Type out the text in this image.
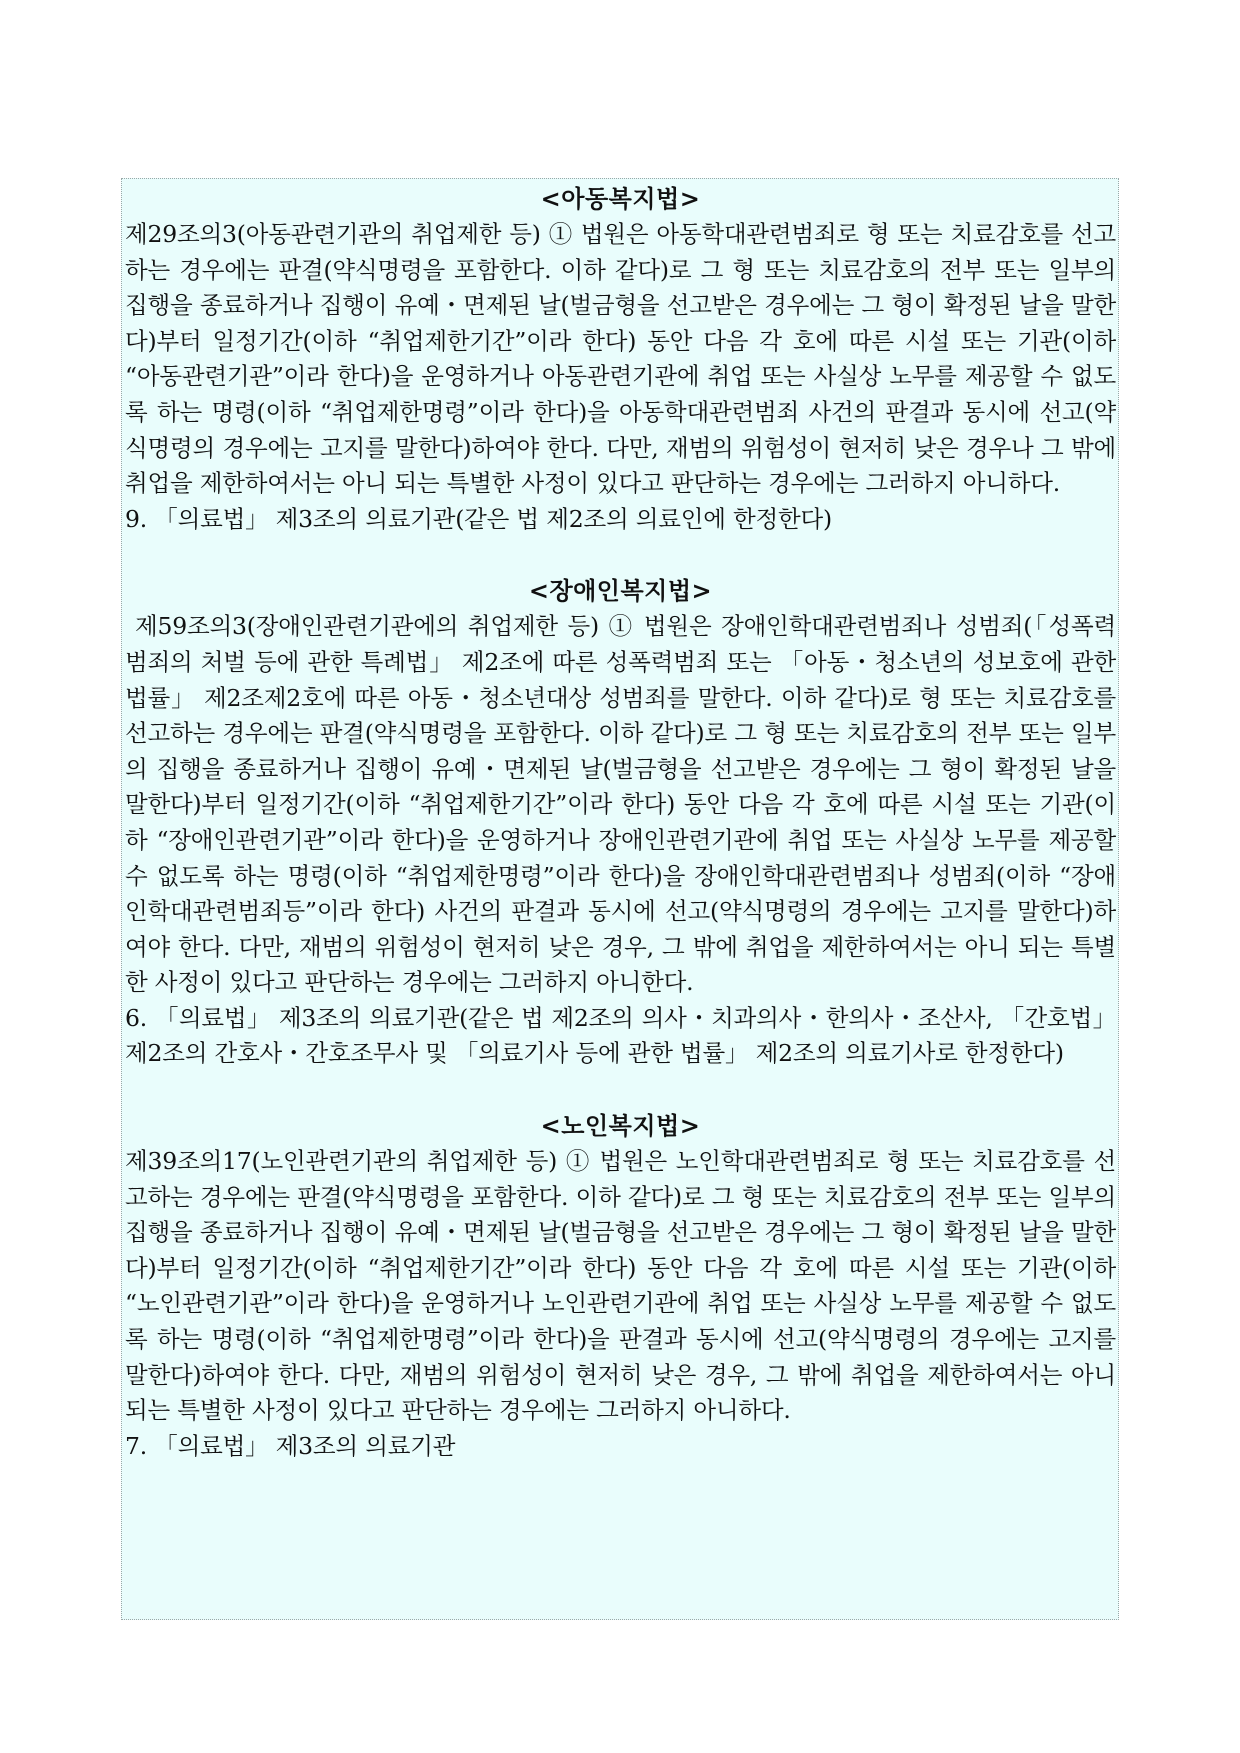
<아동복지법>

제29조의3(아동관련기관의 취업제한 등) ① 법원은 아동학대관련범죄로 형 또는 치료감호를 선고하는 경우에는 판결(약식명령을 포함한다. 이하 같다)로 그 형 또는 치료감호의 전부 또는 일부의 집행을 종료하거나 집행이 유예・면제된 날(벌금형을 선고받은 경우에는 그 형이 확정된 날을 말한다)부터 일정기간(이하 “취업제한기간”이라 한다) 동안 다음 각 호에 따른 시설 또는 기관(이하 “아동관련기관”이라 한다)을 운영하거나 아동관련기관에 취업 또는 사실상 노무를 제공할 수 없도록 하는 명령(이하 “취업제한명령”이라 한다)을 아동학대관련범죄 사건의 판결과 동시에 선고(약식명령의 경우에는 고지를 말한다)하여야 한다. 다만, 재범의 위험성이 현저히 낮은 경우나 그 밖에 취업을 제한하여서는 아니 되는 특별한 사정이 있다고 판단하는 경우에는 그러하지 아니하다.

9. 「의료법」 제3조의 의료기관(같은 법 제2조의 의료인에 한정한다)

<장애인복지법>

제59조의3(장애인관련기관에의 취업제한 등) ① 법원은 장애인학대관련범죄나 성범죄(「성폭력범죄의 처벌 등에 관한 특례법」 제2조에 따른 성폭력범죄 또는 「아동・청소년의 성보호에 관한 법률」 제2조제2호에 따른 아동・청소년대상 성범죄를 말한다. 이하 같다)로 형 또는 치료감호를 선고하는 경우에는 판결(약식명령을 포함한다. 이하 같다)로 그 형 또는 치료감호의 전부 또는 일부의 집행을 종료하거나 집행이 유예・면제된 날(벌금형을 선고받은 경우에는 그 형이 확정된 날을 말한다)부터 일정기간(이하 “취업제한기간”이라 한다) 동안 다음 각 호에 따른 시설 또는 기관(이하 “장애인관련기관”이라 한다)을 운영하거나 장애인관련기관에 취업 또는 사실상 노무를 제공할 수 없도록 하는 명령(이하 “취업제한명령”이라 한다)을 장애인학대관련범죄나 성범죄(이하 “장애인학대관련범죄등”이라 한다) 사건의 판결과 동시에 선고(약식명령의 경우에는 고지를 말한다)하여야 한다. 다만, 재범의 위험성이 현저히 낮은 경우, 그 밖에 취업을 제한하여서는 아니 되는 특별한 사정이 있다고 판단하는 경우에는 그러하지 아니한다.

6. 「의료법」 제3조의 의료기관(같은 법 제2조의 의사・치과의사・한의사・조산사, 「간호법」 제2조의 간호사・간호조무사 및 「의료기사 등에 관한 법률」 제2조의 의료기사로 한정한다)

<노인복지법>

제39조의17(노인관련기관의 취업제한 등) ① 법원은 노인학대관련범죄로 형 또는 치료감호를 선고하는 경우에는 판결(약식명령을 포함한다. 이하 같다)로 그 형 또는 치료감호의 전부 또는 일부의 집행을 종료하거나 집행이 유예・면제된 날(벌금형을 선고받은 경우에는 그 형이 확정된 날을 말한다)부터 일정기간(이하 “취업제한기간”이라 한다) 동안 다음 각 호에 따른 시설 또는 기관(이하 “노인관련기관”이라 한다)을 운영하거나 노인관련기관에 취업 또는 사실상 노무를 제공할 수 없도록 하는 명령(이하 “취업제한명령”이라 한다)을 판결과 동시에 선고(약식명령의 경우에는 고지를 말한다)하여야 한다. 다만, 재범의 위험성이 현저히 낮은 경우, 그 밖에 취업을 제한하여서는 아니 되는 특별한 사정이 있다고 판단하는 경우에는 그러하지 아니하다.

7. 「의료법」 제3조의 의료기관
